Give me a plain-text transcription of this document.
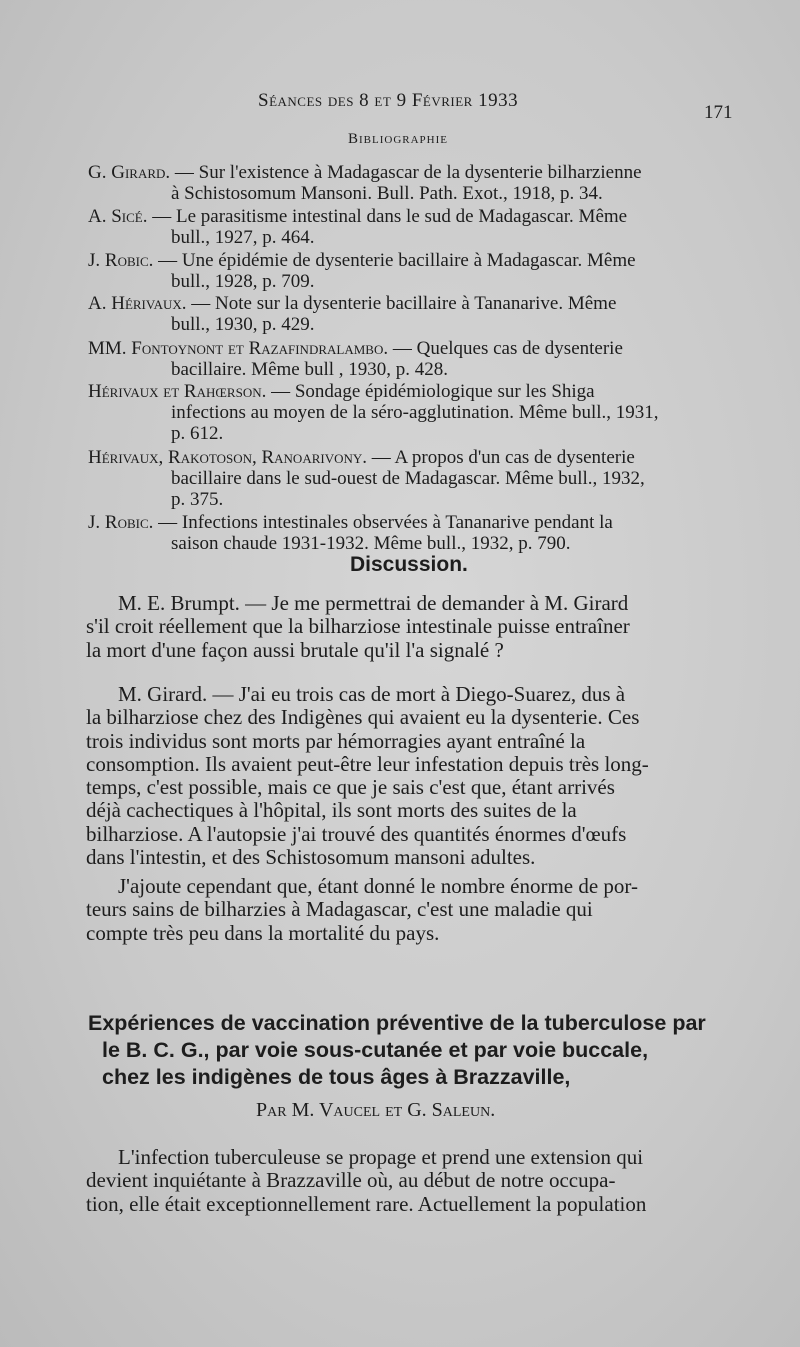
Séances des 8 et 9 Février 1933
171
Bibliographie
G. Girard. — Sur l'existence à Madagascar de la dysenterie bilharzienne
à Schistosomum Mansoni. Bull. Path. Exot., 1918, p. 34.
A. Sicé. — Le parasitisme intestinal dans le sud de Madagascar. Même
bull., 1927, p. 464.
J. Robic. — Une épidémie de dysenterie bacillaire à Madagascar. Même
bull., 1928, p. 709.
A. Hérivaux. — Note sur la dysenterie bacillaire à Tananarive. Même
bull., 1930, p. 429.
MM. Fontoynont et Razafindralambo. — Quelques cas de dysenterie
bacillaire. Même bull , 1930, p. 428.
Hérivaux et Rahœrson. — Sondage épidémiologique sur les Shiga
infections au moyen de la séro-agglutination. Même bull., 1931,
p. 612.
Hérivaux, Rakotoson, Ranoarivony. — A propos d'un cas de dysenterie
bacillaire dans le sud-ouest de Madagascar. Même bull., 1932,
p. 375.
J. Robic. — Infections intestinales observées à Tananarive pendant la
saison chaude 1931-1932. Même bull., 1932, p. 790.
Discussion.
M. E. Brumpt. — Je me permettrai de demander à M. Girard
s'il croit réellement que la bilharziose intestinale puisse entraîner
la mort d'une façon aussi brutale qu'il l'a signalé ?
M. Girard. — J'ai eu trois cas de mort à Diego-Suarez, dus à
la bilharziose chez des Indigènes qui avaient eu la dysenterie. Ces
trois individus sont morts par hémorragies ayant entraîné la
consomption. Ils avaient peut-être leur infestation depuis très long-
temps, c'est possible, mais ce que je sais c'est que, étant arrivés
déjà cachectiques à l'hôpital, ils sont morts des suites de la
bilharziose. A l'autopsie j'ai trouvé des quantités énormes d'œufs
dans l'intestin, et des Schistosomum mansoni adultes.
J'ajoute cependant que, étant donné le nombre énorme de por-
teurs sains de bilharzies à Madagascar, c'est une maladie qui
compte très peu dans la mortalité du pays.
Expériences de vaccination préventive de la tuberculose par
le B. C. G., par voie sous-cutanée et par voie buccale,
chez les indigènes de tous âges à Brazzaville,
Par M. Vaucel et G. Saleun.
L'infection tuberculeuse se propage et prend une extension qui
devient inquiétante à Brazzaville où, au début de notre occupa-
tion, elle était exceptionnellement rare. Actuellement la population
